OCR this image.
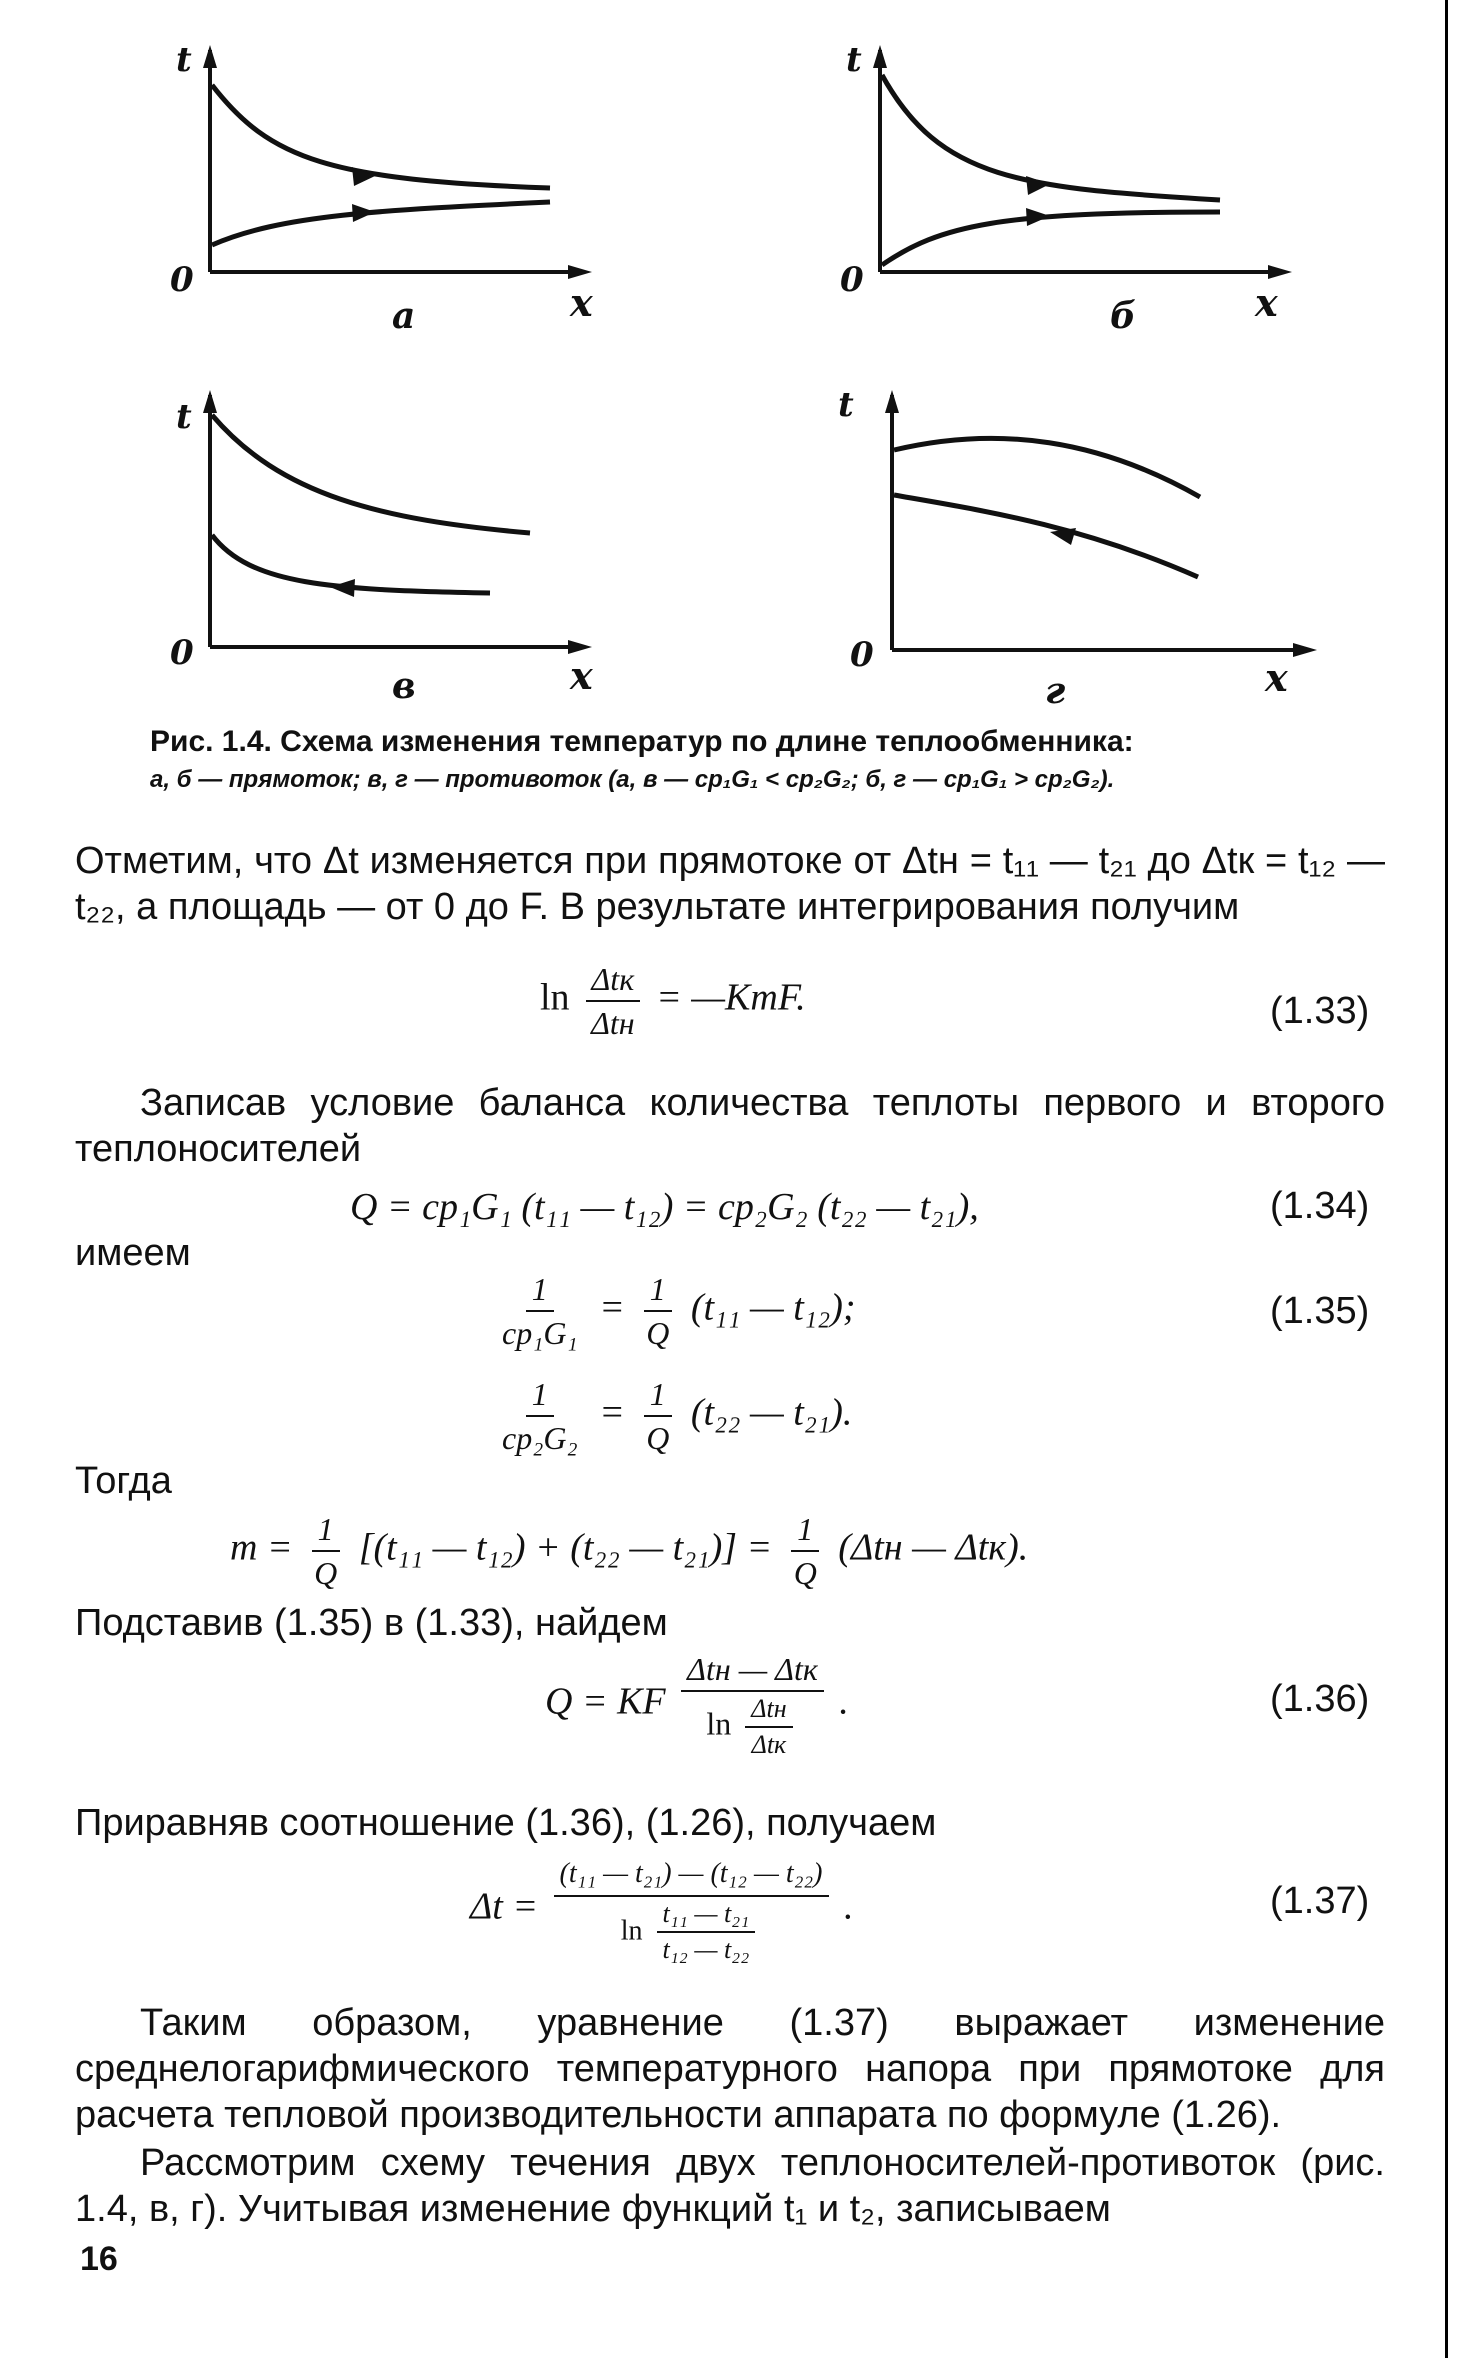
t
0	x
а
t
0	x
б
t
0	x
в
t
0	x
г
Рис. 1.4. Схема изменения температур по длине теплообменника:
а, б — прямоток; в, г — противоток (а, в — cp₁G₁ < cp₂G₂; б, г — cp₁G₁ > cp₂G₂).
Отметим, что Δt изменяется при прямотоке от Δtн = t₁₁ — t₂₁ до Δtк = t₁₂ — t₂₂, а площадь — от 0 до F. В результате интегрирования получим
$\ln \frac{\text{Δtк}}{\text{Δtн}}$ = —KmF.	(1.33)
Записав условие баланса количества теплоты первого и второго теплоносителей
Q = cp₁G₁ (t₁₁ — t₁₂) = cp₂G₂ (t₂₂ — t₂₁),	(1.34)
имеем
$\frac{1}{\text{cp₁G₁}} = \frac{1}{Q} (t_{11}$ — t₁₂);	(1.35)
$\frac{1}{\text{cp₂G₂}} = \frac{1}{Q} (t_{22}$ — t₂₁).
Тогда
$m = \frac{1}{Q} [(t_{11}$ — t₁₂) + (t₂₂ — $t_{21})] = \frac{1}{Q} (\Delta tн$ — Δtк).
Подставив (1.35) в (1.33), найдем
Q = KF $\frac{\text{Δtн — Δtк}}{\ln \frac{\text{Δtн}}{\text{Δtк}}}$ .	(1.36)
Приравняв соотношение (1.36), (1.26), получаем
$\Delta t = \frac{\text{(t₁₁ — t₂₁) — (t₁₂ — t₂₂)}}{\ln \frac{\text{t₁₁ — t₂₁}}{\text{t₁₂ — t₂₂}}}$ .	(1.37)
Таким образом, уравнение (1.37) выражает изменение среднелогарифмического температурного напора при прямотоке для расчета тепловой производительности аппарата по формуле (1.26).
Рассмотрим схему течения двух теплоносителей-противоток (рис. 1.4, в, г). Учитывая изменение функций t₁ и t₂, записываем
16
